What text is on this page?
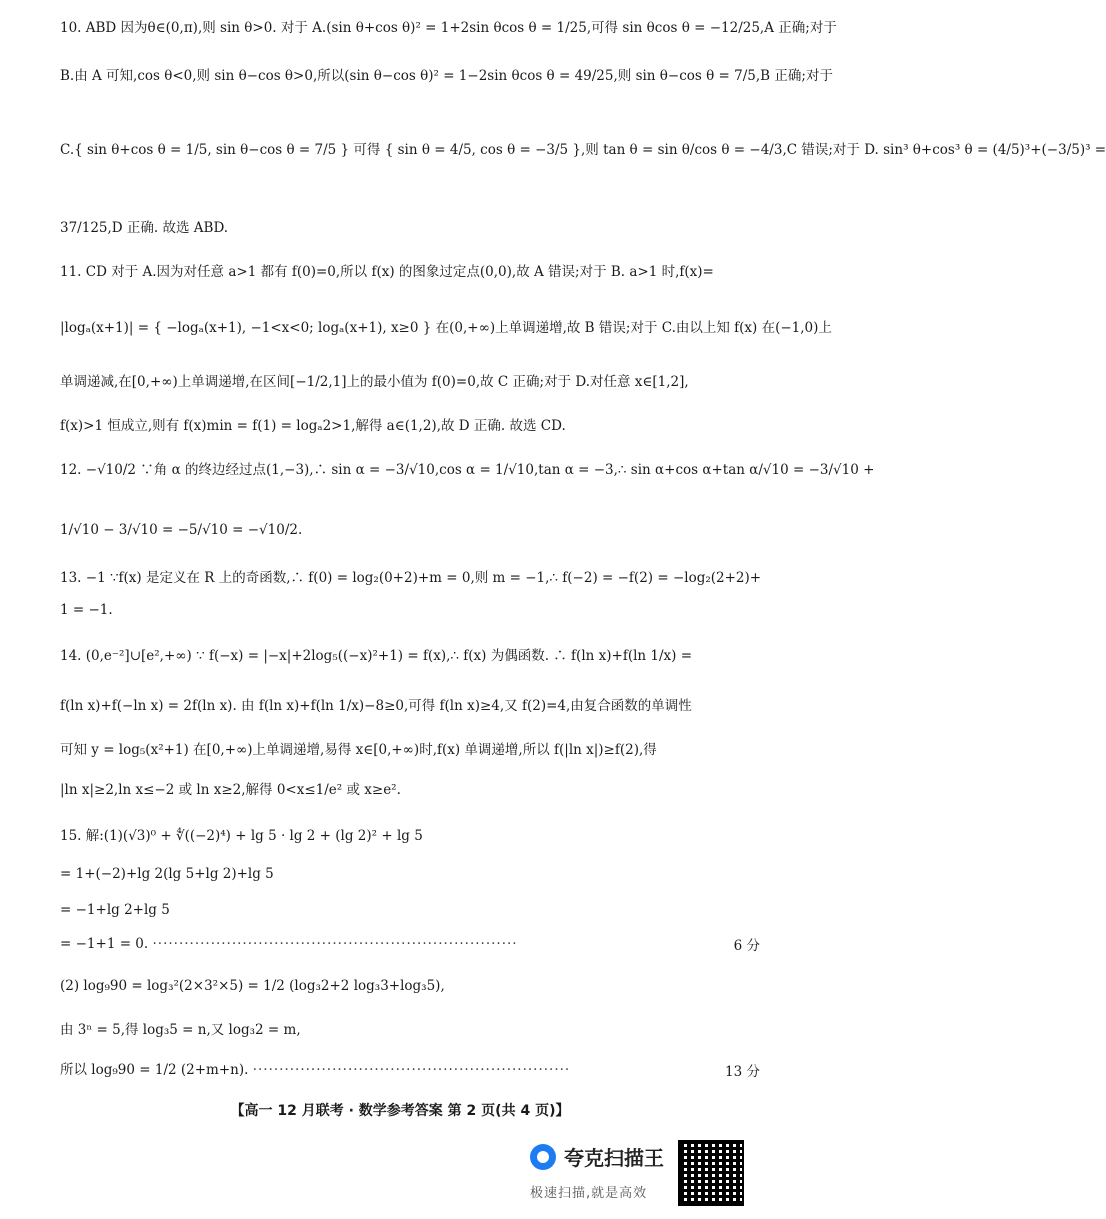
10. ABD 因为θ∈(0,π),则 sin θ>0. 对于 A.(sin θ+cos θ)² = 1+2sin θcos θ = 1/25,可得 sin θcos θ = −12/25,A 正确;对于
B.由 A 可知,cos θ<0,则 sin θ−cos θ>0,所以(sin θ−cos θ)² = 1−2sin θcos θ = 49/25,则 sin θ−cos θ = 7/5,B 正确;对于
C.{ sin θ+cos θ = 1/5, sin θ−cos θ = 7/5 } 可得 { sin θ = 4/5, cos θ = −3/5 },则 tan θ = sin θ/cos θ = −4/3,C 错误;对于 D. sin³ θ+cos³ θ = (4/5)³+(−3/5)³ =
37/125,D 正确. 故选 ABD.
11. CD 对于 A.因为对任意 a>1 都有 f(0)=0,所以 f(x) 的图象过定点(0,0),故 A 错误;对于 B. a>1 时,f(x)=
|logₐ(x+1)| = { −logₐ(x+1), −1<x<0; logₐ(x+1), x≥0 } 在(0,+∞)上单调递增,故 B 错误;对于 C.由以上知 f(x) 在(−1,0)上
单调递减,在[0,+∞)上单调递增,在区间[−1/2,1]上的最小值为 f(0)=0,故 C 正确;对于 D.对任意 x∈[1,2],
f(x)>1 恒成立,则有 f(x)min = f(1) = logₐ2>1,解得 a∈(1,2),故 D 正确. 故选 CD.
12. −√10/2 ∵角 α 的终边经过点(1,−3),∴ sin α = −3/√10,cos α = 1/√10,tan α = −3,∴ sin α+cos α+tan α/√10 = −3/√10 +
1/√10 − 3/√10 = −5/√10 = −√10/2.
13. −1 ∵f(x) 是定义在 R 上的奇函数,∴ f(0) = log₂(0+2)+m = 0,则 m = −1,∴ f(−2) = −f(2) = −log₂(2+2)+
1 = −1.
14. (0,e⁻²]∪[e²,+∞) ∵ f(−x) = |−x|+2log₅((−x)²+1) = f(x),∴ f(x) 为偶函数. ∴ f(ln x)+f(ln 1/x) =
f(ln x)+f(−ln x) = 2f(ln x). 由 f(ln x)+f(ln 1/x)−8≥0,可得 f(ln x)≥4,又 f(2)=4,由复合函数的单调性
可知 y = log₅(x²+1) 在[0,+∞)上单调递增,易得 x∈[0,+∞)时,f(x) 单调递增,所以 f(|ln x|)≥f(2),得
|ln x|≥2,ln x≤−2 或 ln x≥2,解得 0<x≤1/e² 或 x≥e².
15. 解:(1)(√3)⁰ + ∜((−2)⁴) + lg 5 · lg 2 + (lg 2)² + lg 5
= 1+(−2)+lg 2(lg 5+lg 2)+lg 5
= −1+lg 2+lg 5
= −1+1 = 0. ·····································································	6 分
(2) log₉90 = log₃²(2×3²×5) = 1/2 (log₃2+2 log₃3+log₃5),
由 3ⁿ = 5,得 log₃5 = n,又 log₃2 = m,
所以 log₉90 = 1/2 (2+m+n). ····························································	13 分
【高一 12 月联考 · 数学参考答案 第 2 页(共 4 页)】
夸克扫描王
极速扫描,就是高效
